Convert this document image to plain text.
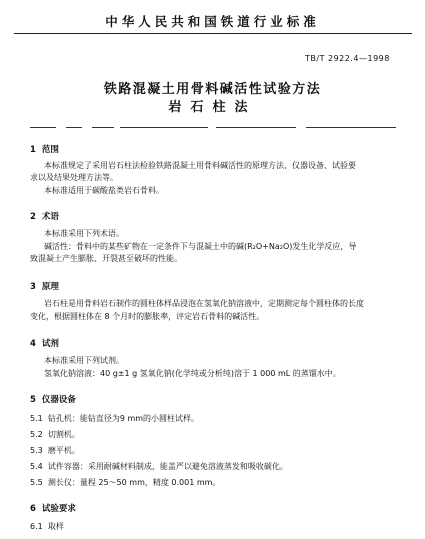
中华人民共和国铁道行业标准
TB/T 2922.4—1998
铁路混凝土用骨料碱活性试验方法
岩石柱法
1 范围
本标准规定了采用岩石柱法检验铁路混凝土用骨料碱活性的原理方法、仪器设备、试验要
求以及结果处理方法等。
本标准适用于碳酸盐类岩石骨料。
2 术语
本标准采用下列术语。
碱活性：骨料中的某些矿物在一定条件下与混凝土中的碱(R₂O+Na₂O)发生化学反应，导
致混凝土产生膨胀、开裂甚至破坏的性能。
3 原理
岩石柱是用骨料岩石制作的圆柱体样品浸泡在氢氧化钠溶液中，定期测定每个圆柱体的长度
变化，根据圆柱体在 8 个月时的膨胀率，评定岩石骨料的碱活性。
4 试剂
本标准采用下列试剂。
氢氧化钠溶液：40 g±1 g 氢氧化钠(化学纯或分析纯)溶于 1 000 mL 的蒸馏水中。
5 仪器设备
5.1 钻孔机：能钻直径为9 mm的小圆柱试样。
5.2 切割机。
5.3 磨平机。
5.4 试件容器：采用耐碱材料制成，能盖严以避免溶液蒸发和吸收碳化。
5.5 测长仪：量程 25～50 mm，精度 0.001 mm。
6 试验要求
6.1 取样
